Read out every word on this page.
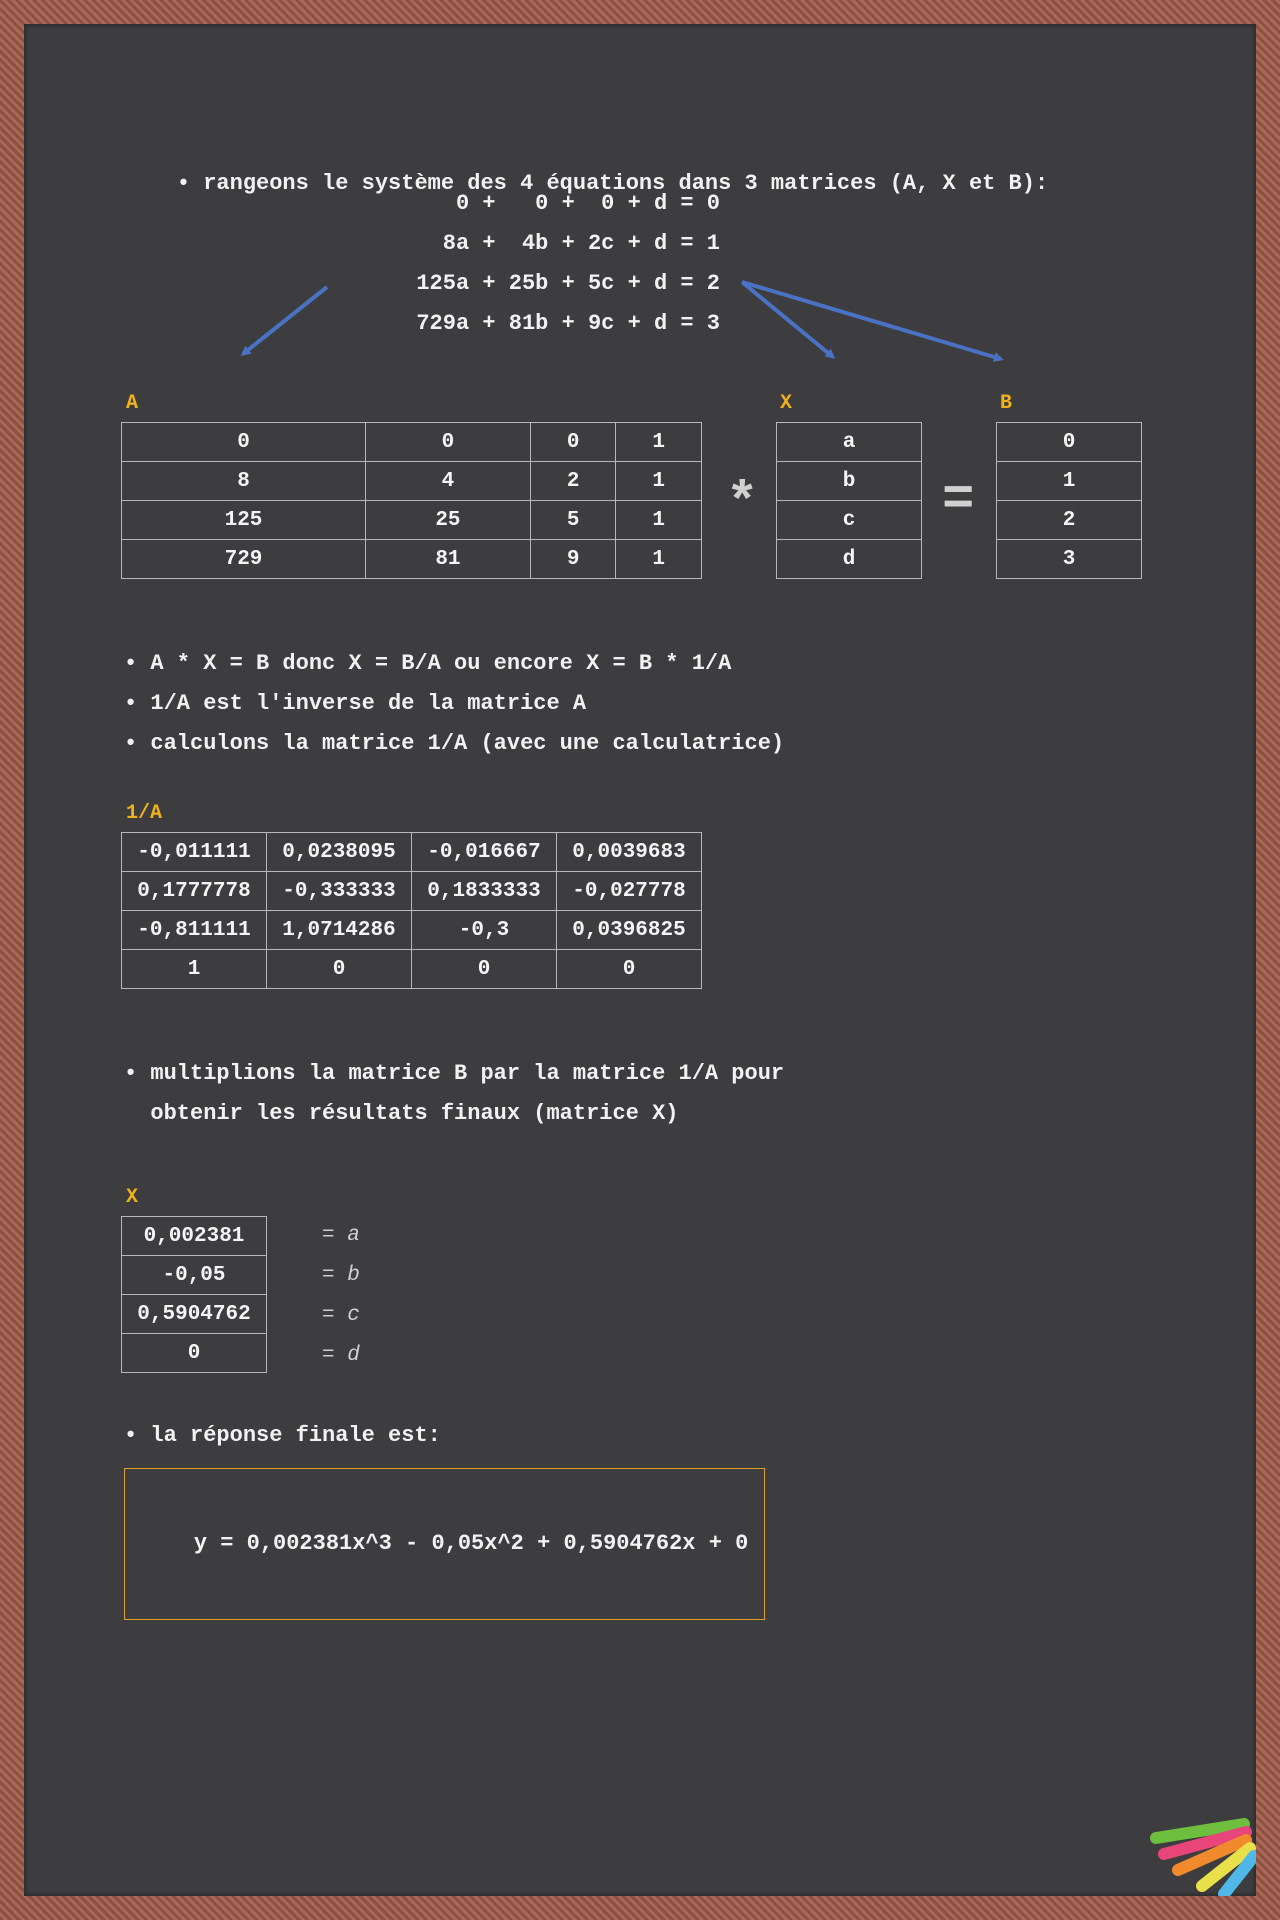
• rangeons le système des 4 équations dans 3 matrices (A, X et B):

0 +   0 +  0 + d = 0
8a +  4b + 2c + d = 1
125a + 25b + 5c + d = 2
729a + 81b + 9c + d = 3
A	X	B
0	0	0	1
8	4	2	1
125	25	5	1
729	81	9	1
*
a
b
c
d
=
0
1
2
3
• A * X = B donc X = B/A ou encore X = B * 1/A
• 1/A est l'inverse de la matrice A
• calculons la matrice 1/A (avec une calculatrice)
1/A
-0,011111	0,0238095	-0,016667	0,0039683
0,1777778	-0,333333	0,1833333	-0,027778
-0,811111	1,0714286	-0,3	0,0396825
1	0	0	0
• multiplions la matrice B par la matrice 1/A pour
obtenir les résultats finaux (matrice X)
X
0,002381
-0,05
0,5904762
0
= a
= b
= c
= d
• la réponse finale est:

y = 0,002381x^3 - 0,05x^2 + 0,5904762x + 0
